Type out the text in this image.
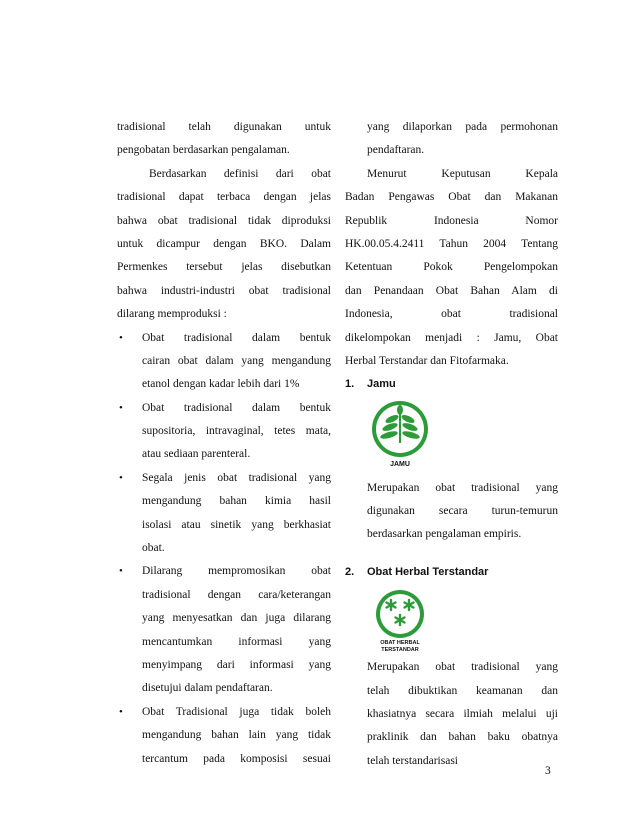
tradisional telah digunakan untuk
pengobatan berdasarkan pengalaman.
Berdasarkan definisi dari obat
tradisional dapat terbaca dengan jelas
bahwa obat tradisional tidak diproduksi
untuk dicampur dengan BKO. Dalam
Permenkes tersebut jelas disebutkan
bahwa industri-industri obat tradisional
dilarang memproduksi :
• Obat tradisional dalam bentuk
cairan obat dalam yang mengandung
etanol dengan kadar lebih dari 1%
• Obat tradisional dalam bentuk
supositoria, intravaginal, tetes mata,
atau sediaan parenteral.
• Segala jenis obat tradisional yang
mengandung bahan kimia hasil
isolasi atau sinetik yang berkhasiat
obat.
• Dilarang mempromosikan obat
tradisional dengan cara/keterangan
yang menyesatkan dan juga dilarang
mencantumkan informasi yang
menyimpang dari informasi yang
disetujui dalam pendaftaran.
• Obat Tradisional juga tidak boleh
mengandung bahan lain yang tidak
tercantum pada komposisi sesuai
yang dilaporkan pada permohonan
pendaftaran.
Menurut Keputusan Kepala
Badan Pengawas Obat dan Makanan
Republik Indonesia Nomor
HK.00.05.4.2411 Tahun 2004 Tentang
Ketentuan Pokok Pengelompokan
dan Penandaan Obat Bahan Alam di
Indonesia, obat tradisional
dikelompokan menjadi : Jamu, Obat
Herbal Terstandar dan Fitofarmaka.
1. Jamu
JAMU
Merupakan obat tradisional yang
digunakan secara turun-temurun
berdasarkan pengalaman empiris.
2. Obat Herbal Terstandar
OBAT HERBAL
TERSTANDAR
Merupakan obat tradisional yang
telah dibuktikan keamanan dan
khasiatnya secara ilmiah melalui uji
praklinik dan bahan baku obatnya
telah terstandarisasi
3
